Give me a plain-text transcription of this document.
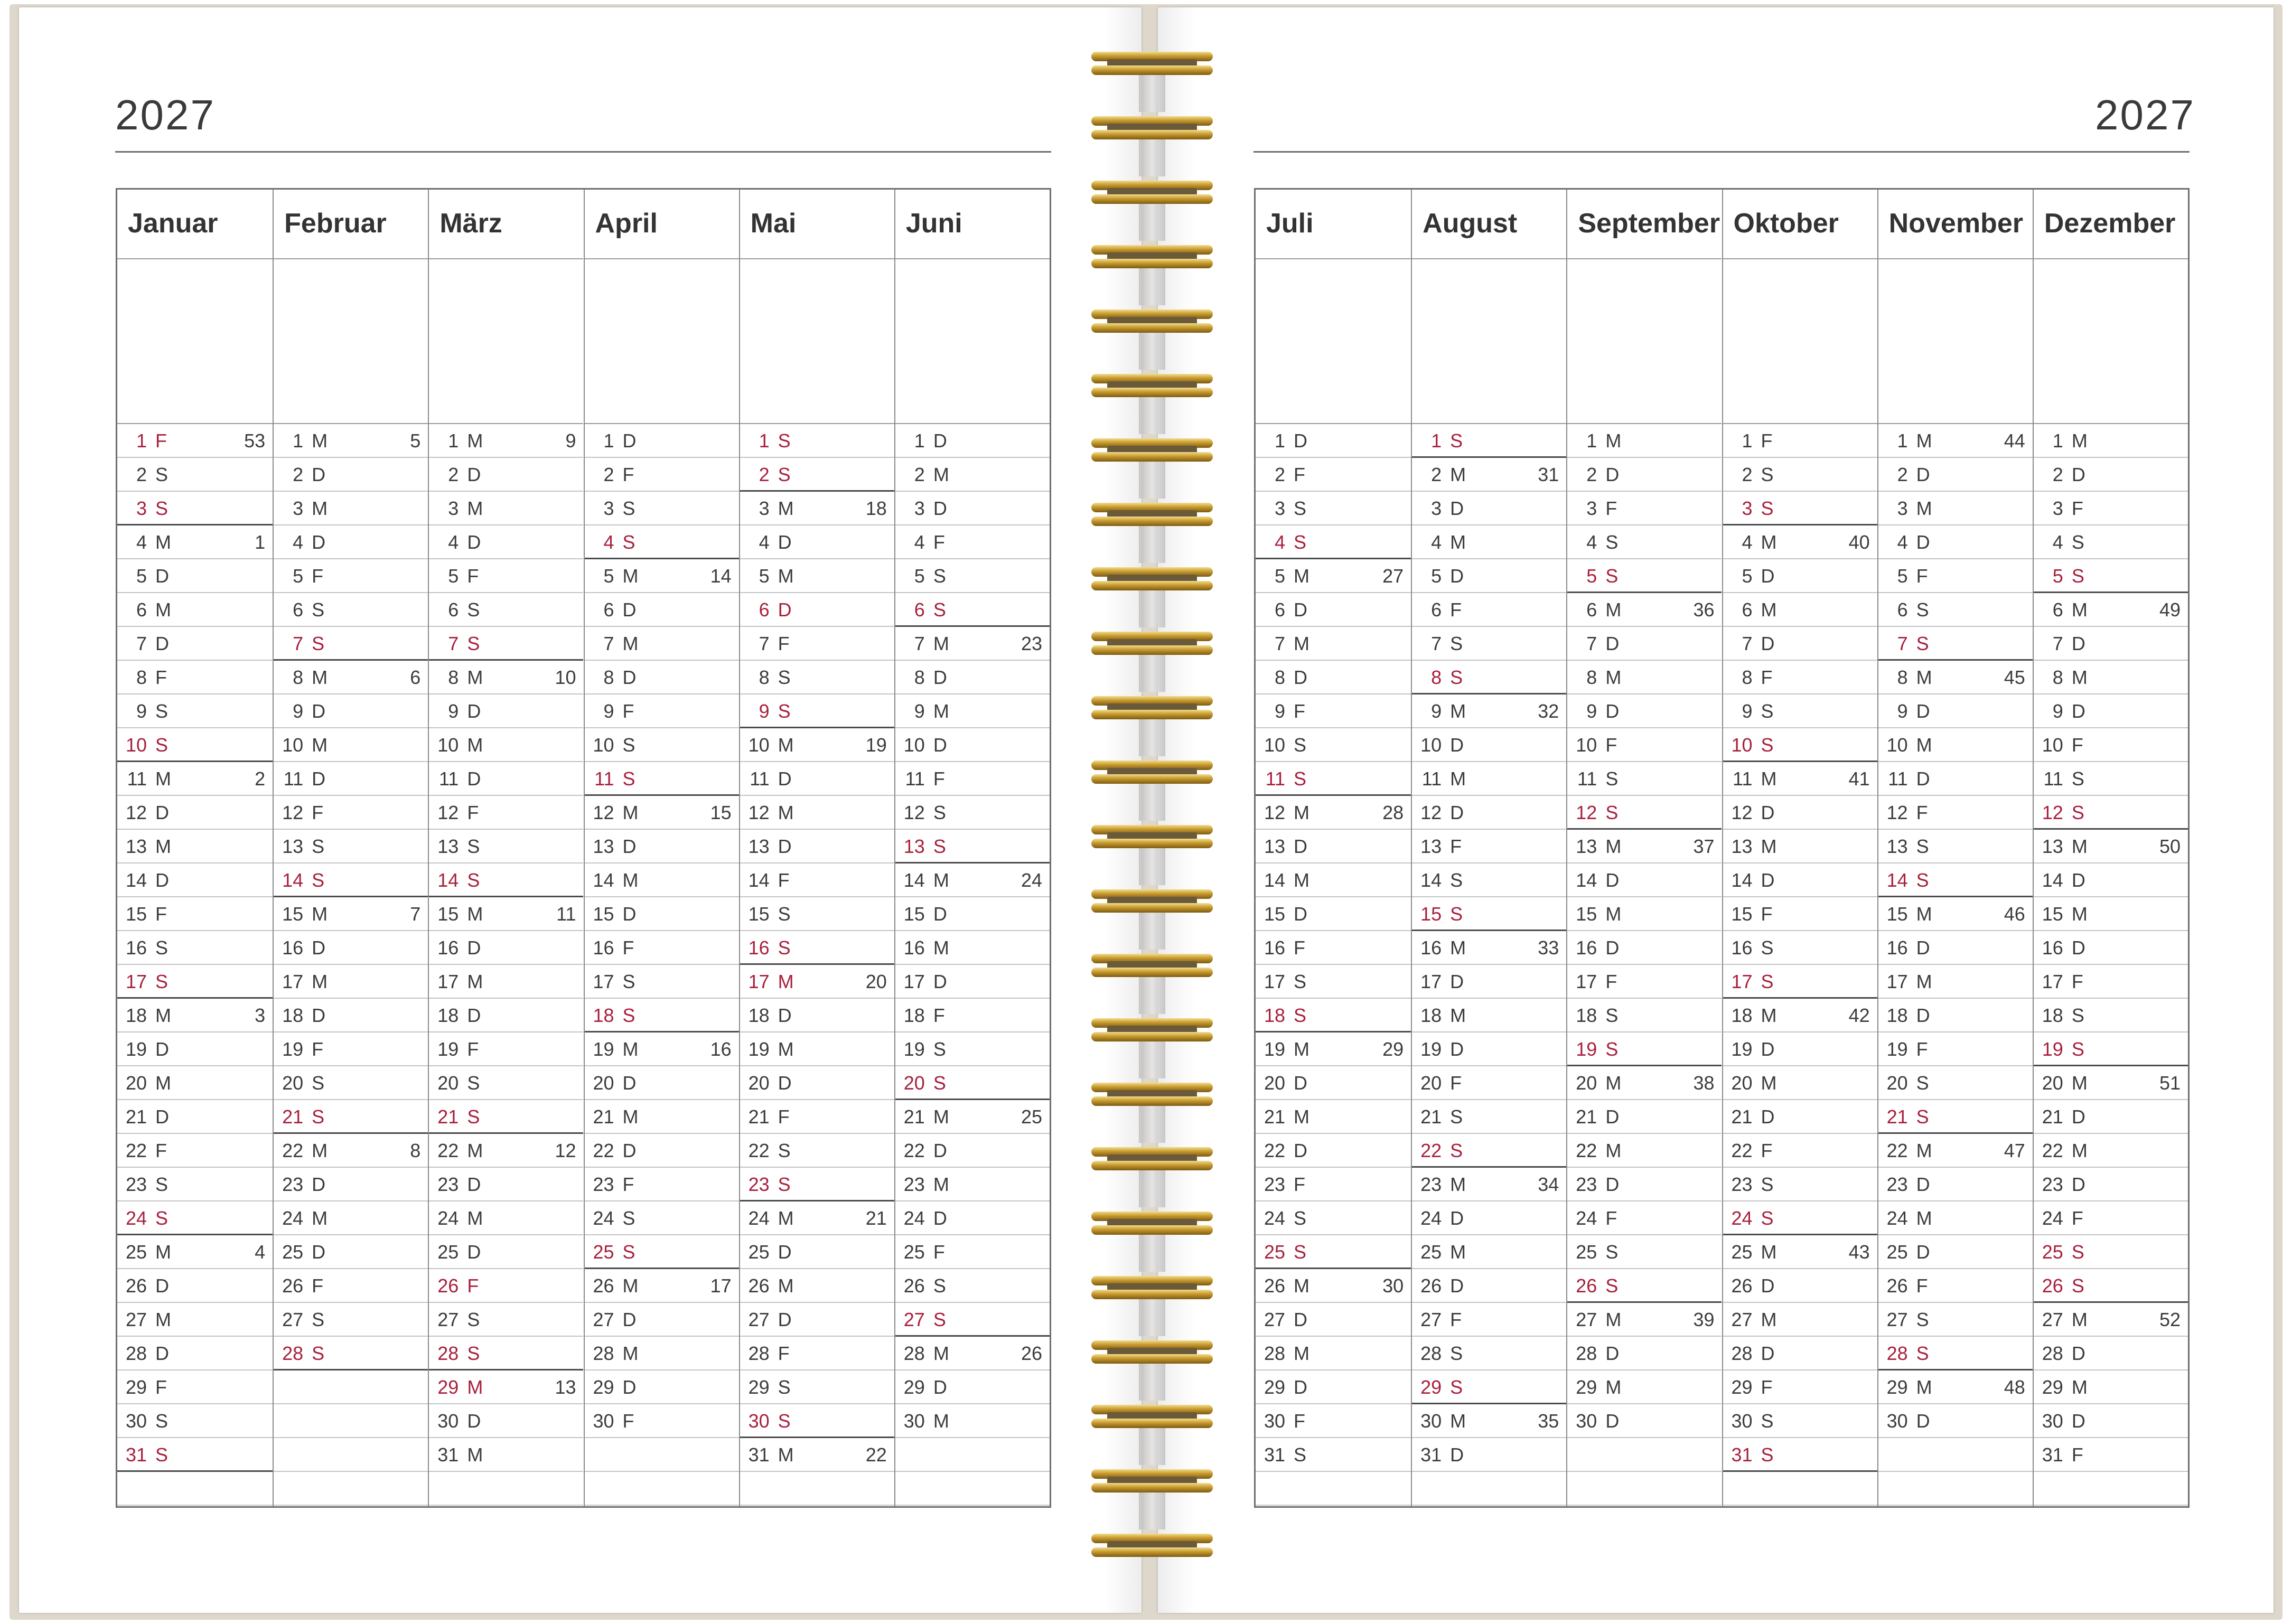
2027	2027
Januar
1 F	53
2 S
3 S
4 M	1
5 D
6 M
7 D
8 F
9 S
10 S
11 M	2
12 D
13 M
14 D
15 F
16 S
17 S
18 M	3
19 D
20 M
21 D
22 F
23 S
24 S
25 M	4
26 D
27 M
28 D
29 F
30 S
31 S
Februar
1 M	5
2 D
3 M
4 D
5 F
6 S
7 S
8 M	6
9 D
10 M
11 D
12 F
13 S
14 S
15 M	7
16 D
17 M
18 D
19 F
20 S
21 S
22 M	8
23 D
24 M
25 D
26 F
27 S
28 S
März
1 M	9
2 D
3 M
4 D
5 F
6 S
7 S
8 M	10
9 D
10 M
11 D
12 F
13 S
14 S
15 M	11
16 D
17 M
18 D
19 F
20 S
21 S
22 M	12
23 D
24 M
25 D
26 F
27 S
28 S
29 M	13
30 D
31 M
April
1 D
2 F
3 S
4 S
5 M	14
6 D
7 M
8 D
9 F
10 S
11 S
12 M	15
13 D
14 M
15 D
16 F
17 S
18 S
19 M	16
20 D
21 M
22 D
23 F
24 S
25 S
26 M	17
27 D
28 M
29 D
30 F
Mai
1 S
2 S
3 M	18
4 D
5 M
6 D
7 F
8 S
9 S
10 M	19
11 D
12 M
13 D
14 F
15 S
16 S
17 M	20
18 D
19 M
20 D
21 F
22 S
23 S
24 M	21
25 D
26 M
27 D
28 F
29 S
30 S
31 M	22
Juni
1 D
2 M
3 D
4 F
5 S
6 S
7 M	23
8 D
9 M
10 D
11 F
12 S
13 S
14 M	24
15 D
16 M
17 D
18 F
19 S
20 S
21 M	25
22 D
23 M
24 D
25 F
26 S
27 S
28 M	26
29 D
30 M
Juli
1 D
2 F
3 S
4 S
5 M	27
6 D
7 M
8 D
9 F
10 S
11 S
12 M	28
13 D
14 M
15 D
16 F
17 S
18 S
19 M	29
20 D
21 M
22 D
23 F
24 S
25 S
26 M	30
27 D
28 M
29 D
30 F
31 S
August
1 S
2 M	31
3 D
4 M
5 D
6 F
7 S
8 S
9 M	32
10 D
11 M
12 D
13 F
14 S
15 S
16 M	33
17 D
18 M
19 D
20 F
21 S
22 S
23 M	34
24 D
25 M
26 D
27 F
28 S
29 S
30 M	35
31 D
September
1 M
2 D
3 F
4 S
5 S
6 M	36
7 D
8 M
9 D
10 F
11 S
12 S
13 M	37
14 D
15 M
16 D
17 F
18 S
19 S
20 M	38
21 D
22 M
23 D
24 F
25 S
26 S
27 M	39
28 D
29 M
30 D
Oktober
1 F
2 S
3 S
4 M	40
5 D
6 M
7 D
8 F
9 S
10 S
11 M	41
12 D
13 M
14 D
15 F
16 S
17 S
18 M	42
19 D
20 M
21 D
22 F
23 S
24 S
25 M	43
26 D
27 M
28 D
29 F
30 S
31 S
November
1 M	44
2 D
3 M
4 D
5 F
6 S
7 S
8 M	45
9 D
10 M
11 D
12 F
13 S
14 S
15 M	46
16 D
17 M
18 D
19 F
20 S
21 S
22 M	47
23 D
24 M
25 D
26 F
27 S
28 S
29 M	48
30 D
Dezember
1 M
2 D
3 F
4 S
5 S
6 M	49
7 D
8 M
9 D
10 F
11 S
12 S
13 M	50
14 D
15 M
16 D
17 F
18 S
19 S
20 M	51
21 D
22 M
23 D
24 F
25 S
26 S
27 M	52
28 D
29 M
30 D
31 F
